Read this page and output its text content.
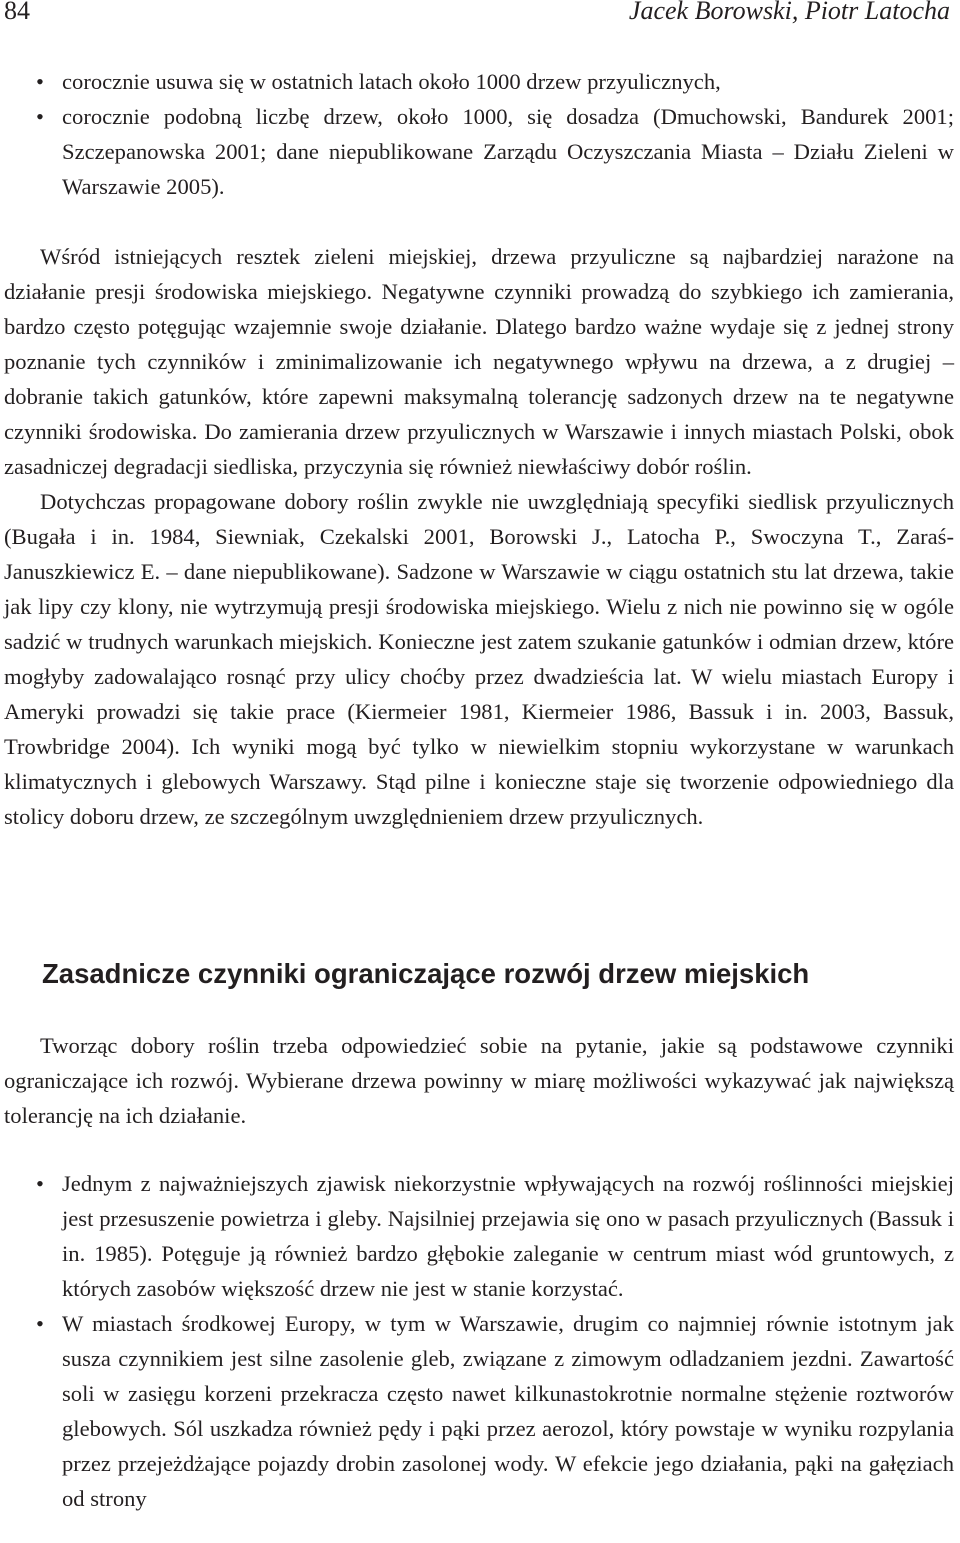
84	Jacek Borowski, Piotr Latocha
• corocznie usuwa się w ostatnich latach około 1000 drzew przyulicznych,
• corocznie podobną liczbę drzew, około 1000, się dosadza (Dmuchowski, Bandurek 2001; Szczepanowska 2001; dane niepublikowane Zarządu Oczyszczania Miasta – Działu Zieleni w Warszawie 2005).

Wśród istniejących resztek zieleni miejskiej, drzewa przyuliczne są najbardziej narażone na działanie presji środowiska miejskiego. Negatywne czynniki prowadzą do szybkiego ich zamierania, bardzo często potęgując wzajemnie swoje działanie. Dlatego bardzo ważne wydaje się z jednej strony poznanie tych czynników i zminimalizowanie ich negatywnego wpływu na drzewa, a z drugiej – dobranie takich gatunków, które zapewni maksymalną tolerancję sadzonych drzew na te negatywne czynniki środowiska. Do zamierania drzew przyulicznych w Warszawie i innych miastach Polski, obok zasadniczej degradacji siedliska, przyczynia się również niewłaściwy dobór roślin.

Dotychczas propagowane dobory roślin zwykle nie uwzględniają specyfiki siedlisk przyulicznych (Bugała i in. 1984, Siewniak, Czekalski 2001, Borowski J., Latocha P., Swoczyna T., Zaraś-Januszkiewicz E. – dane niepublikowane). Sadzone w Warszawie w ciągu ostatnich stu lat drzewa, takie jak lipy czy klony, nie wytrzymują presji środowiska miejskiego. Wielu z nich nie powinno się w ogóle sadzić w trudnych warunkach miejskich. Konieczne jest zatem szukanie gatunków i odmian drzew, które mogłyby zadowalająco rosnąć przy ulicy choćby przez dwadzieścia lat. W wielu miastach Europy i Ameryki prowadzi się takie prace (Kiermeier 1981, Kiermeier 1986, Bassuk i in. 2003, Bassuk, Trowbridge 2004). Ich wyniki mogą być tylko w niewielkim stopniu wykorzystane w warunkach klimatycznych i glebowych Warszawy. Stąd pilne i konieczne staje się tworzenie odpowiedniego dla stolicy doboru drzew, ze szczególnym uwzględnieniem drzew przyulicznych.

Zasadnicze czynniki ograniczające rozwój drzew miejskich

Tworząc dobory roślin trzeba odpowiedzieć sobie na pytanie, jakie są podstawowe czynniki ograniczające ich rozwój. Wybierane drzewa powinny w miarę możliwości wykazywać jak największą tolerancję na ich działanie.

• Jednym z najważniejszych zjawisk niekorzystnie wpływających na rozwój roślinności miejskiej jest przesuszenie powietrza i gleby. Najsilniej przejawia się ono w pasach przyulicznych (Bassuk i in. 1985). Potęguje ją również bardzo głębokie zaleganie w centrum miast wód gruntowych, z których zasobów większość drzew nie jest w stanie korzystać.
• W miastach środkowej Europy, w tym w Warszawie, drugim co najmniej równie istotnym jak susza czynnikiem jest silne zasolenie gleb, związane z zimowym odladzaniem jezdni. Zawartość soli w zasięgu korzeni przekracza często nawet kilkunastokrotnie normalne stężenie roztworów glebowych. Sól uszkadza również pędy i pąki przez aerozol, który powstaje w wyniku rozpylania przez przejeżdżające pojazdy drobin zasolonej wody. W efekcie jego działania, pąki na gałęziach od strony
